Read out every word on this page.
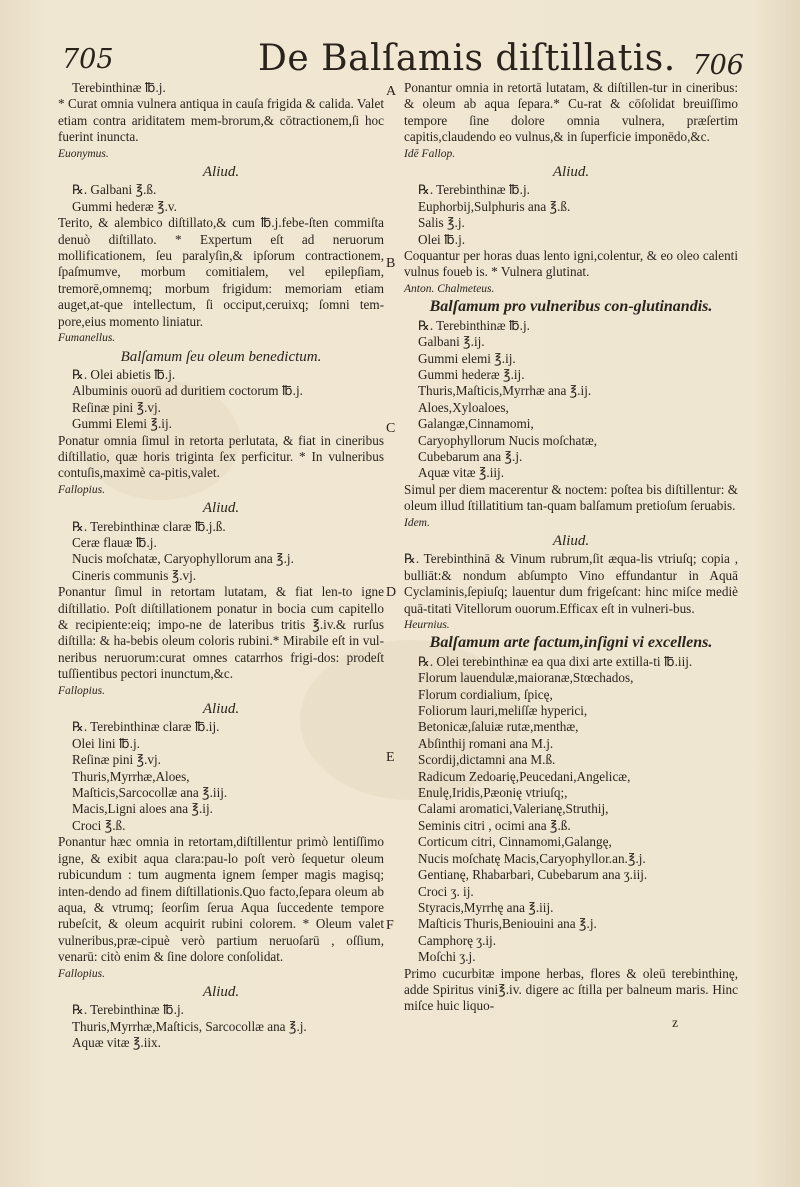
705	De Balſamis diſtillatis. 706

Terebinthinæ ℔.j.

* Curat omnia vulnera antiqua in cauſa frigida & calida. Valet etiam contra ariditatem mem-brorum,& cōtractionem,ſi hoc fuerint inuncta.

Euonymus.

Aliud.

℞. Galbani ℥.ß.

Gummi hederæ ℥.v.

Terito, & alembico diſtillato,& cum ℔.j.febe-ſten commiſta denuò diſtillato. * Expertum eſt ad neruorum mollificationem, ſeu paralyſin,& ipſorum contractionem, ſpaſmumve, morbum comitialem, vel epilepſiam, tremorē,omnemq; morbum frigidum: memoriam etiam auget,at-que intellectum, ſi occiput,ceruixq; ſomni tem-pore,eius momento liniatur.

Fumanellus.

Balſamum ſeu oleum benedictum.

℞. Olei abietis ℔.j.

Albuminis ouorū ad duritiem coctorum ℔.j.

Reſinæ pini ℥.vj.

Gummi Elemi ℥.ij.

Ponatur omnia ſimul in retorta perlutata, & fiat in cineribus diſtillatio, quæ horis triginta ſex perficitur. * In vulneribus contuſis,maximè ca-pitis,valet.

Fallopius.

Aliud.

℞. Terebinthinæ claræ ℔.j.ß.

Ceræ flauæ ℔.j.

Nucis moſchatæ, Caryophyllorum ana ℥.j.

Cineris communis ℥.vj.

Ponantur ſimul in retortam lutatam, & fiat len-to igne diſtillatio. Poſt diſtillationem ponatur in bocia cum capitello & recipiente:eiq; impo-ne de lateribus tritis ℥.iv.& rurſus diſtilla: & ha-bebis oleum coloris rubini.* Mirabile eſt in vul-neribus neruorum:curat omnes catarrhos frigi-dos: prodeſt tuſſientibus pectori inunctum,&c.

Fallopius.

Aliud.

℞. Terebinthinæ claræ ℔.ij.

Olei lini ℔.j.

Reſinæ pini ℥.vj.

Thuris,Myrrhæ,Aloes,

Maſticis,Sarcocollæ ana ℥.iij.

Macis,Ligni aloes ana ℥.ij.

Croci ℥.ß.

Ponantur hæc omnia in retortam,diſtillentur primò lentiſſimo igne, & exibit aqua clara:pau-lo poſt verò ſequetur oleum rubicundum : tum augmenta ignem ſemper magis magisq; inten-dendo ad finem diſtillationis.Quo facto,ſepara oleum ab aqua, & vtrumq; ſeorſim ſerua Aqua ſuccedente tempore rubeſcit, & oleum acquirit rubini colorem. * Oleum valet vulneribus,præ-cipuè verò partium neruoſarū , oſſium, venarū: citò enim & ſine dolore conſolidat.

Fallopius.

Aliud.

℞. Terebinthinæ ℔.j.

Thuris,Myrrhæ,Maſticis, Sarcocollæ ana ℥.j.

Aquæ vitæ ℥.iix.

Ponantur omnia in retortā lutatam, & diſtillen-tur in cineribus: & oleum ab aqua ſepara.* Cu-rat & cōſolidat breuiſſimo tempore ſine dolore omnia vulnera, præſertim capitis,claudendo eo vulnus,& in ſuperficie imponēdo,&c.

Idē Fallop.

Aliud.

℞. Terebinthinæ ℔.j.

Euphorbij,Sulphuris ana ℥.ß.

Salis ℥.j.

Olei ℔.j.

Coquantur per horas duas lento igni,colentur, & eo oleo calenti vulnus foueb is. * Vulnera glutinat.

Anton. Chalmeteus.

Balſamum pro vulneribus con-glutinandis.

℞. Terebinthinæ ℔.j.

Galbani ℥.ij.

Gummi elemi ℥.ij.

Gummi hederæ ℥.ij.

Thuris,Maſticis,Myrrhæ ana ℥.ij.

Aloes,Xyloaloes,

Galangæ,Cinnamomi,

Caryophyllorum Nucis moſchatæ,

Cubebarum ana ℥.j.

Aquæ vitæ ℥.iij.

Simul per diem macerentur & noctem: poſtea bis diſtillentur: & oleum illud ſtillatitium tan-quam balſamum pretioſum ſeruabis.

Idem.

Aliud.

℞. Terebinthinā & Vinum rubrum,ſit æqua-lis vtriuſq; copia , bulliāt:& nondum abſumpto Vino effundantur in Aquā Cyclaminis,ſepiuſq; lauentur dum frigeſcant: hinc miſce mediè quā-titati Vitellorum ouorum.Efficax eſt in vulneri-bus.

Heurnius.

Balſamum arte factum,inſigni vi excellens.

℞. Olei terebinthinæ ea qua dixi arte extilla-ti ℔.iij.

Florum lauendulæ,maioranæ,Stœchados,

Florum cordialium, ſpicę,

Foliorum lauri,meliſſæ hyperici,

Betonicæ,ſaluiæ rutæ,menthæ,

Abſinthij romani ana M.j.

Scordij,dictamni ana M.ß.

Radicum Zedoarię,Peucedani,Angelicæ,

Enulę,Iridis,Pæonię vtriuſq;,

Calami aromatici,Valerianę,Struthij,

Seminis citri , ocimi ana ℥.ß.

Corticum citri, Cinnamomi,Galangę,

Nucis moſchatę Macis,Caryophyllor.an.℥.j.

Gentianę, Rhabarbari, Cubebarum ana ʒ.iij.

Croci ʒ. ij.

Styracis,Myrrhę ana ℥.iij.

Maſticis Thuris,Beniouini ana ℥.j.

Camphorę ʒ.ij.

Moſchi ʒ.j.

Primo cucurbitæ impone herbas, flores & oleū terebinthinę, adde Spiritus vini℥.iv. digere ac ſtilla per balneum maris. Hinc miſce huic liquo-

z

A
B
C
D
E
F
